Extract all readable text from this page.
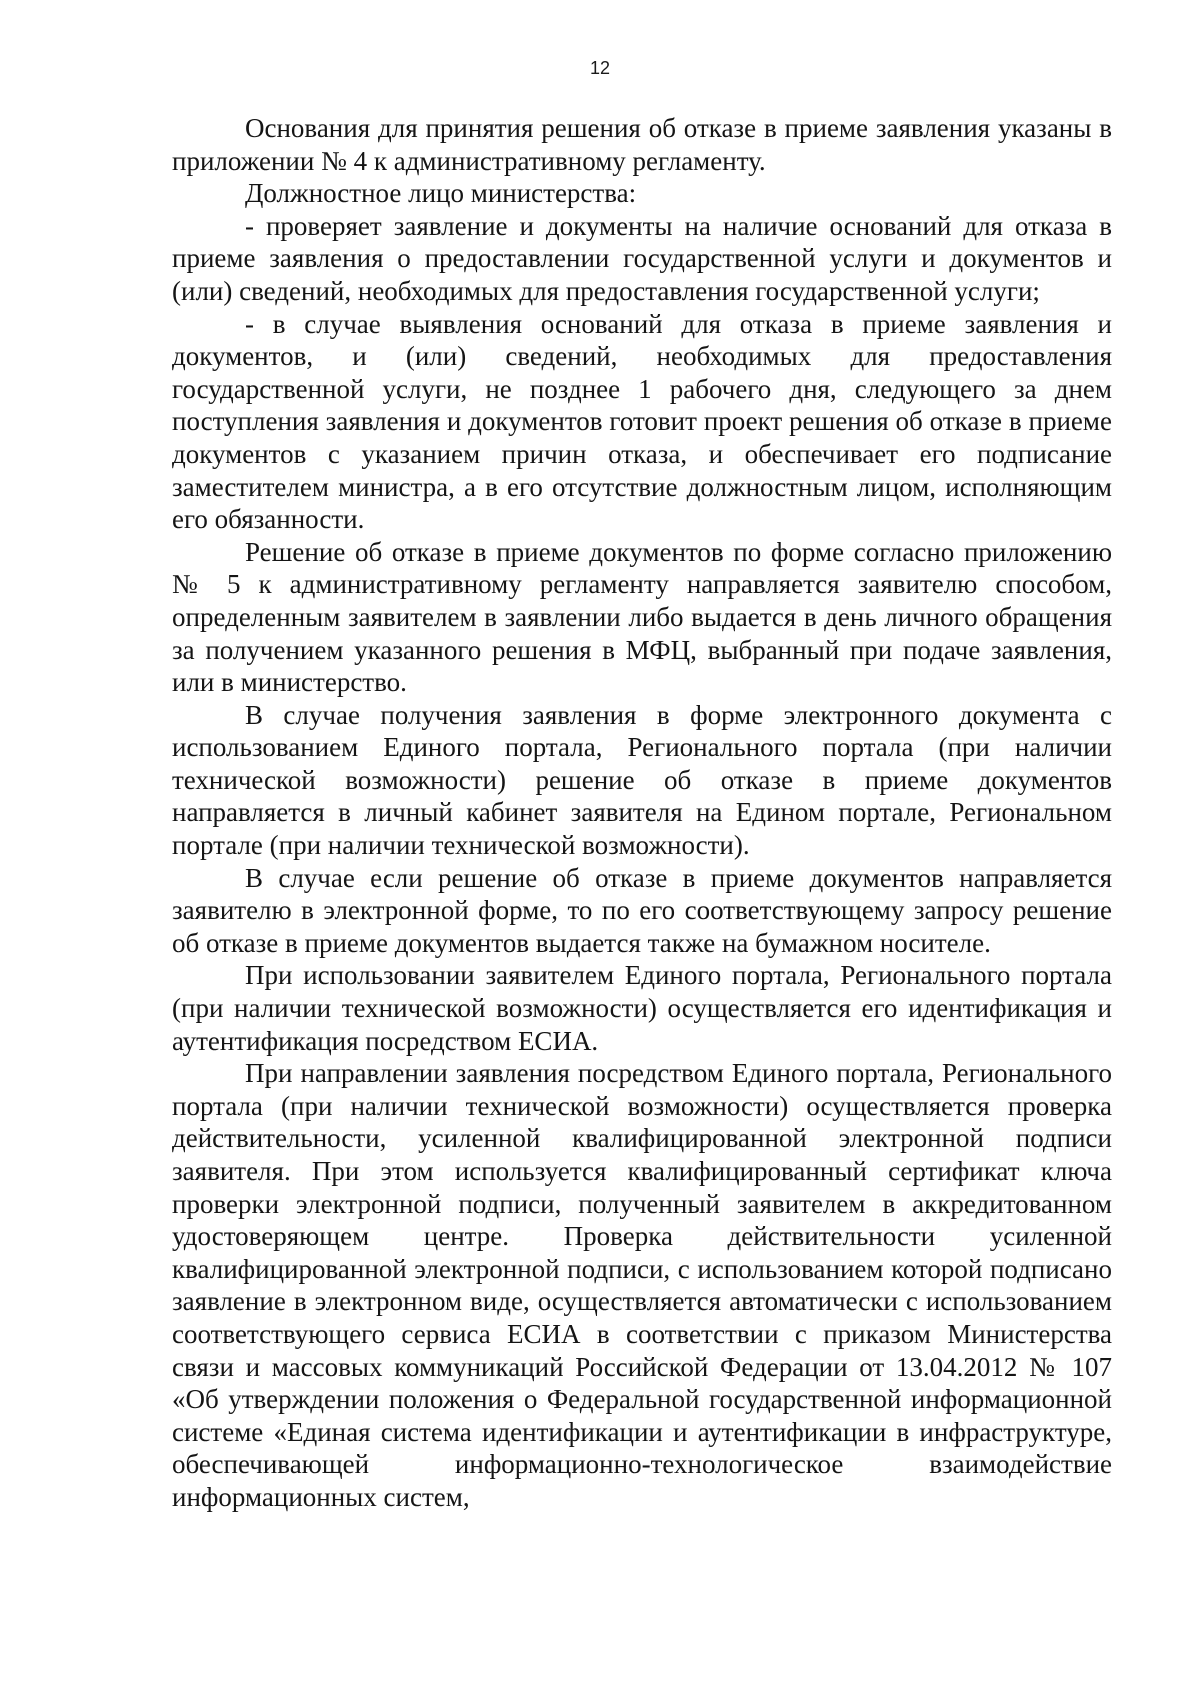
12

Основания для принятия решения об отказе в приеме заявления указаны в приложении № 4 к административному регламенту.

Должностное лицо министерства:

- проверяет заявление и документы на наличие оснований для отказа в приеме заявления о предоставлении государственной услуги и документов и (или) сведений, необходимых для предоставления государственной услуги;

- в случае выявления оснований для отказа в приеме заявления и документов, и (или) сведений, необходимых для предоставления государственной услуги, не позднее 1 рабочего дня, следующего за днем поступления заявления и документов готовит проект решения об отказе в приеме документов с указанием причин отказа, и обеспечивает его подписание заместителем министра, а в его отсутствие должностным лицом, исполняющим его обязанности.

Решение об отказе в приеме документов по форме согласно приложению № 5 к административному регламенту направляется заявителю способом, определенным заявителем в заявлении либо выдается в день личного обращения за получением указанного решения в МФЦ, выбранный при подаче заявления, или в министерство.

В случае получения заявления в форме электронного документа с использованием Единого портала, Регионального портала (при наличии технической возможности) решение об отказе в приеме документов направляется в личный кабинет заявителя на Едином портале, Региональном портале (при наличии технической возможности).

В случае если решение об отказе в приеме документов направляется заявителю в электронной форме, то по его соответствующему запросу решение об отказе в приеме документов выдается также на бумажном носителе.

При использовании заявителем Единого портала, Регионального портала (при наличии технической возможности) осуществляется его идентификация и аутентификация посредством ЕСИА.

При направлении заявления посредством Единого портала, Регионального портала (при наличии технической возможности) осуществляется проверка действительности, усиленной квалифицированной электронной подписи заявителя. При этом используется квалифицированный сертификат ключа проверки электронной подписи, полученный заявителем в аккредитованном удостоверяющем центре. Проверка действительности усиленной квалифицированной электронной подписи, с использованием которой подписано заявление в электронном виде, осуществляется автоматически с использованием соответствующего сервиса ЕСИА в соответствии с приказом Министерства связи и массовых коммуникаций Российской Федерации от 13.04.2012 № 107 «Об утверждении положения о Федеральной государственной информационной системе «Единая система идентификации и аутентификации в инфраструктуре, обеспечивающей информационно-технологическое взаимодействие информационных систем,
